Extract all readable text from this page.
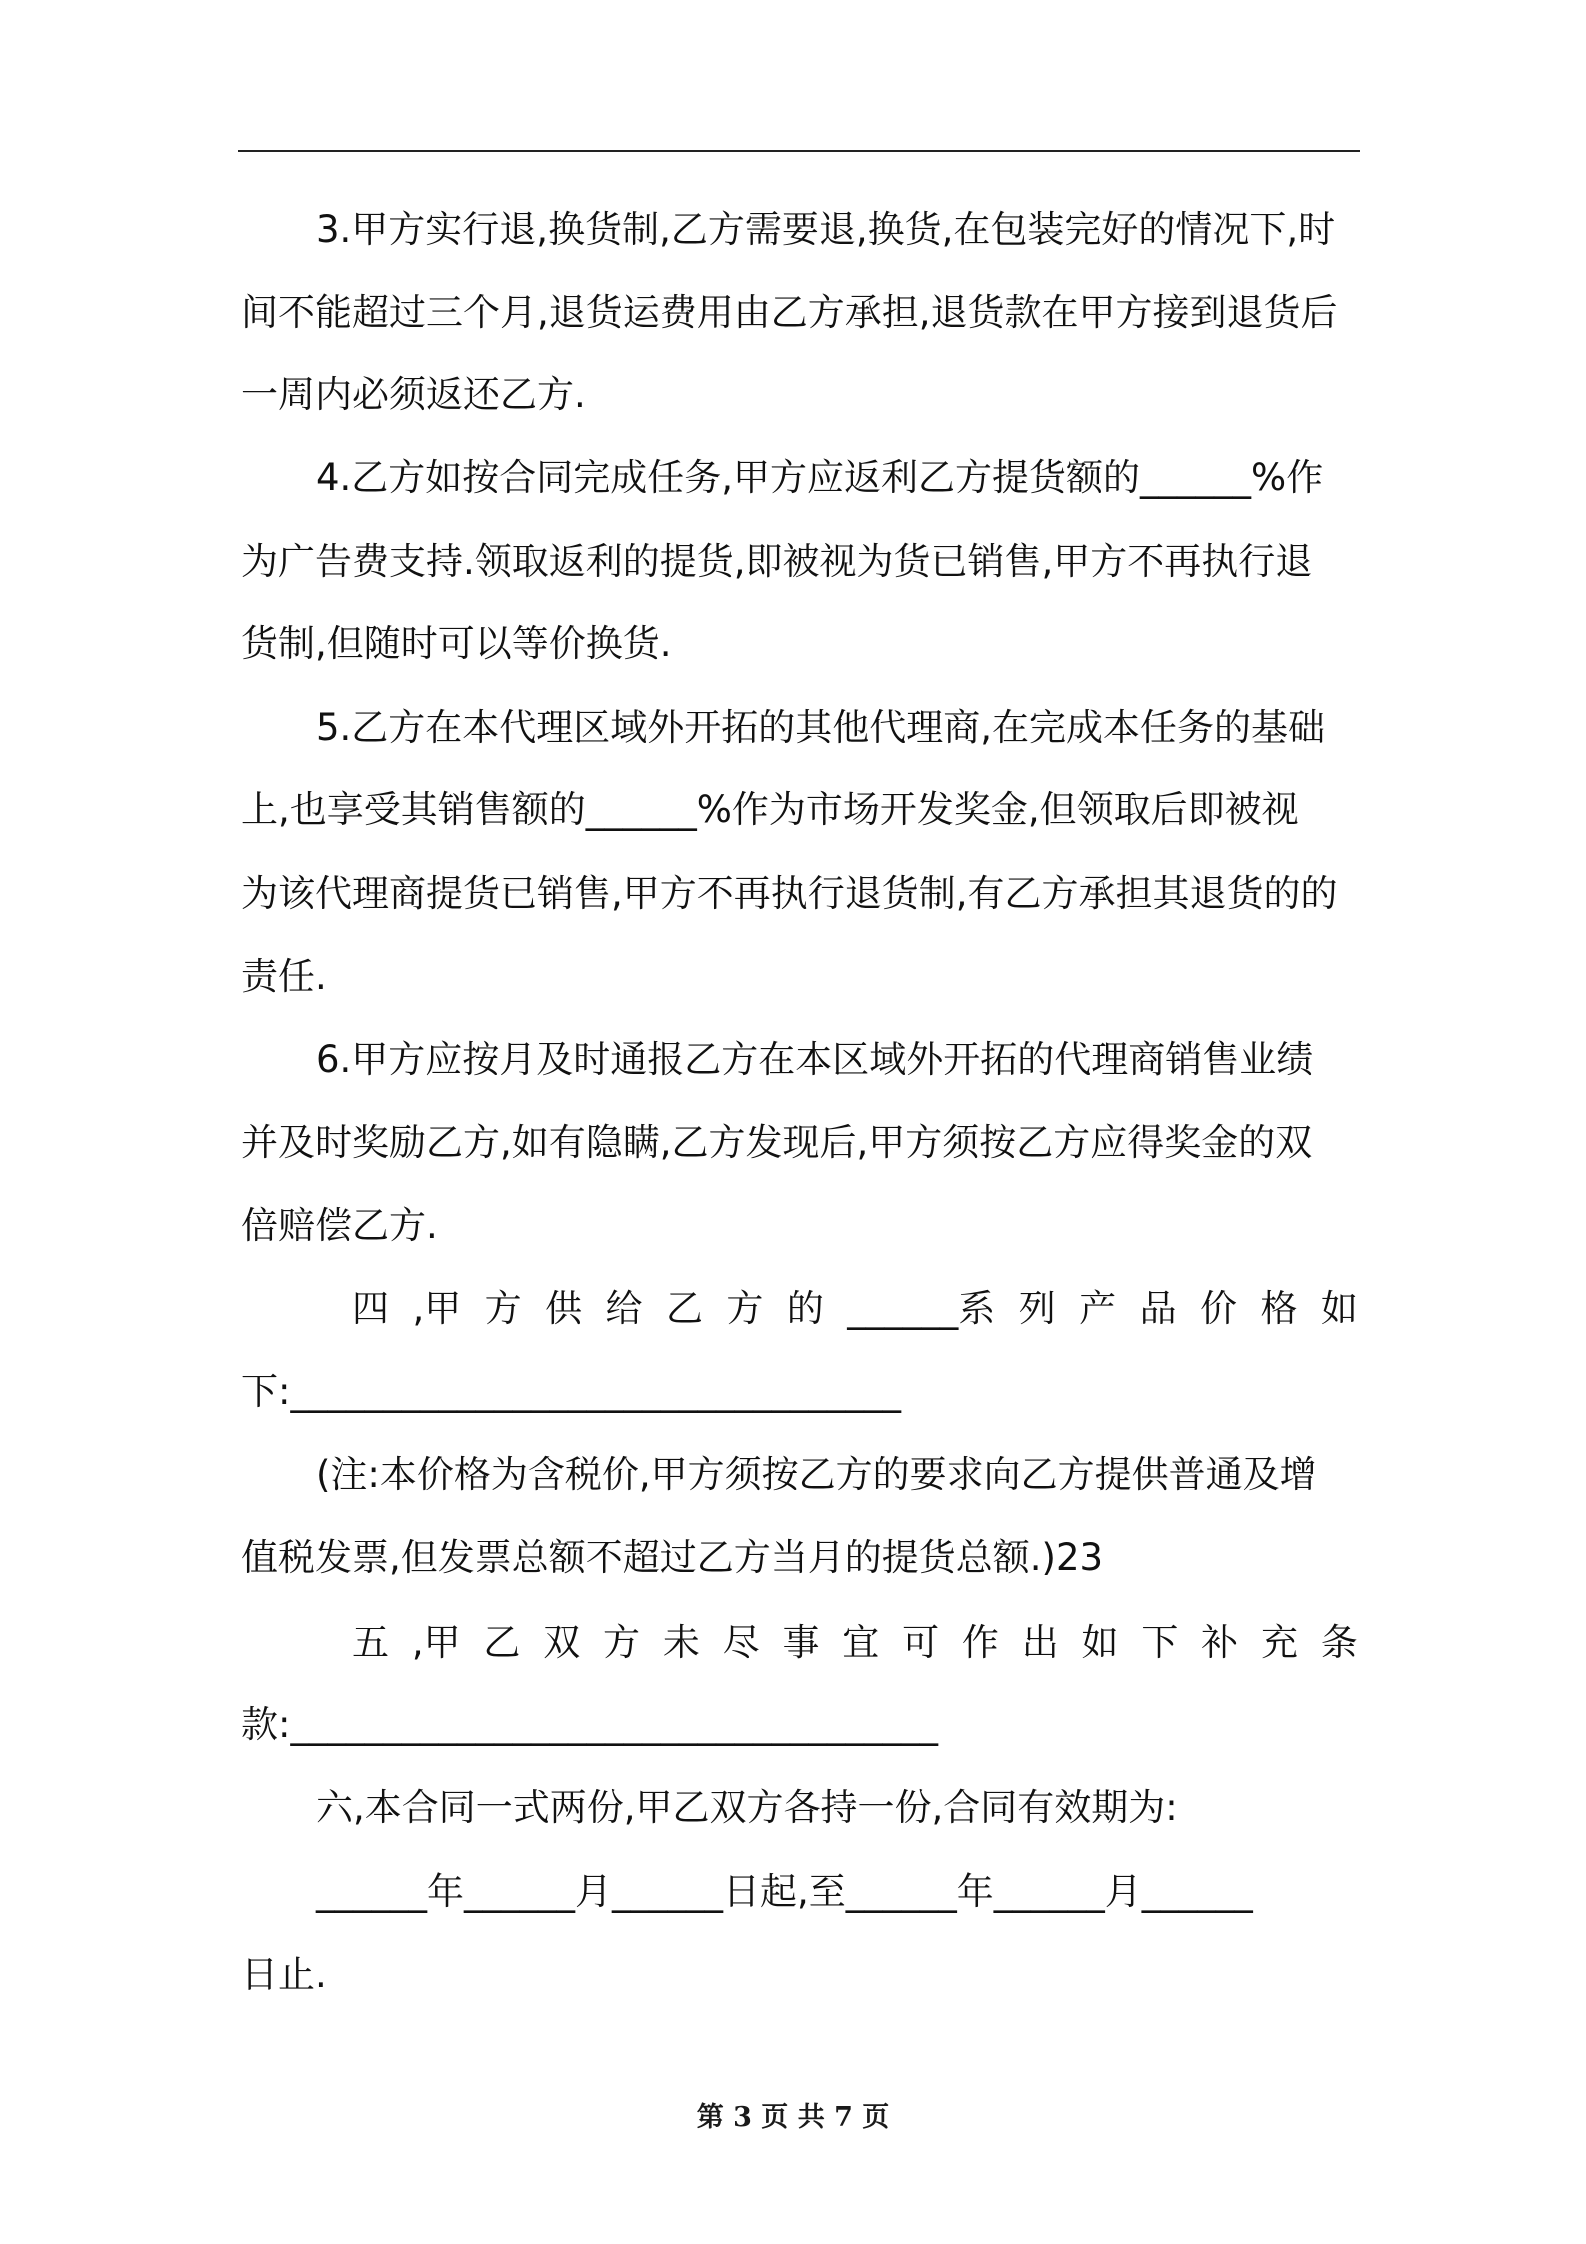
3.甲方实行退,换货制,乙方需要退,换货,在包装完好的情况下,时
间不能超过三个月,退货运费用由乙方承担,退货款在甲方接到退货后
一周内必须返还乙方.
4.乙方如按合同完成任务,甲方应返利乙方提货额的______%作
为广告费支持.领取返利的提货,即被视为货已销售,甲方不再执行退
货制,但随时可以等价换货.
5.乙方在本代理区域外开拓的其他代理商,在完成本任务的基础
上,也享受其销售额的______%作为市场开发奖金,但领取后即被视
为该代理商提货已销售,甲方不再执行退货制,有乙方承担其退货的的
责任.
6.甲方应按月及时通报乙方在本区域外开拓的代理商销售业绩
并及时奖励乙方,如有隐瞒,乙方发现后,甲方须按乙方应得奖金的双
倍赔偿乙方.
四 ,甲 方 供 给 乙 方 的 ______系 列 产 品 价 格 如
下:_________________________________
(注:本价格为含税价,甲方须按乙方的要求向乙方提供普通及增
值税发票,但发票总额不超过乙方当月的提货总额.)23
五 ,甲 乙 双 方 未 尽 事 宜 可 作 出 如 下 补 充 条
款:___________________________________
六,本合同一式两份,甲乙双方各持一份,合同有效期为:
______年______月______日起,至______年______月______
日止.
第 3 页 共 7 页
